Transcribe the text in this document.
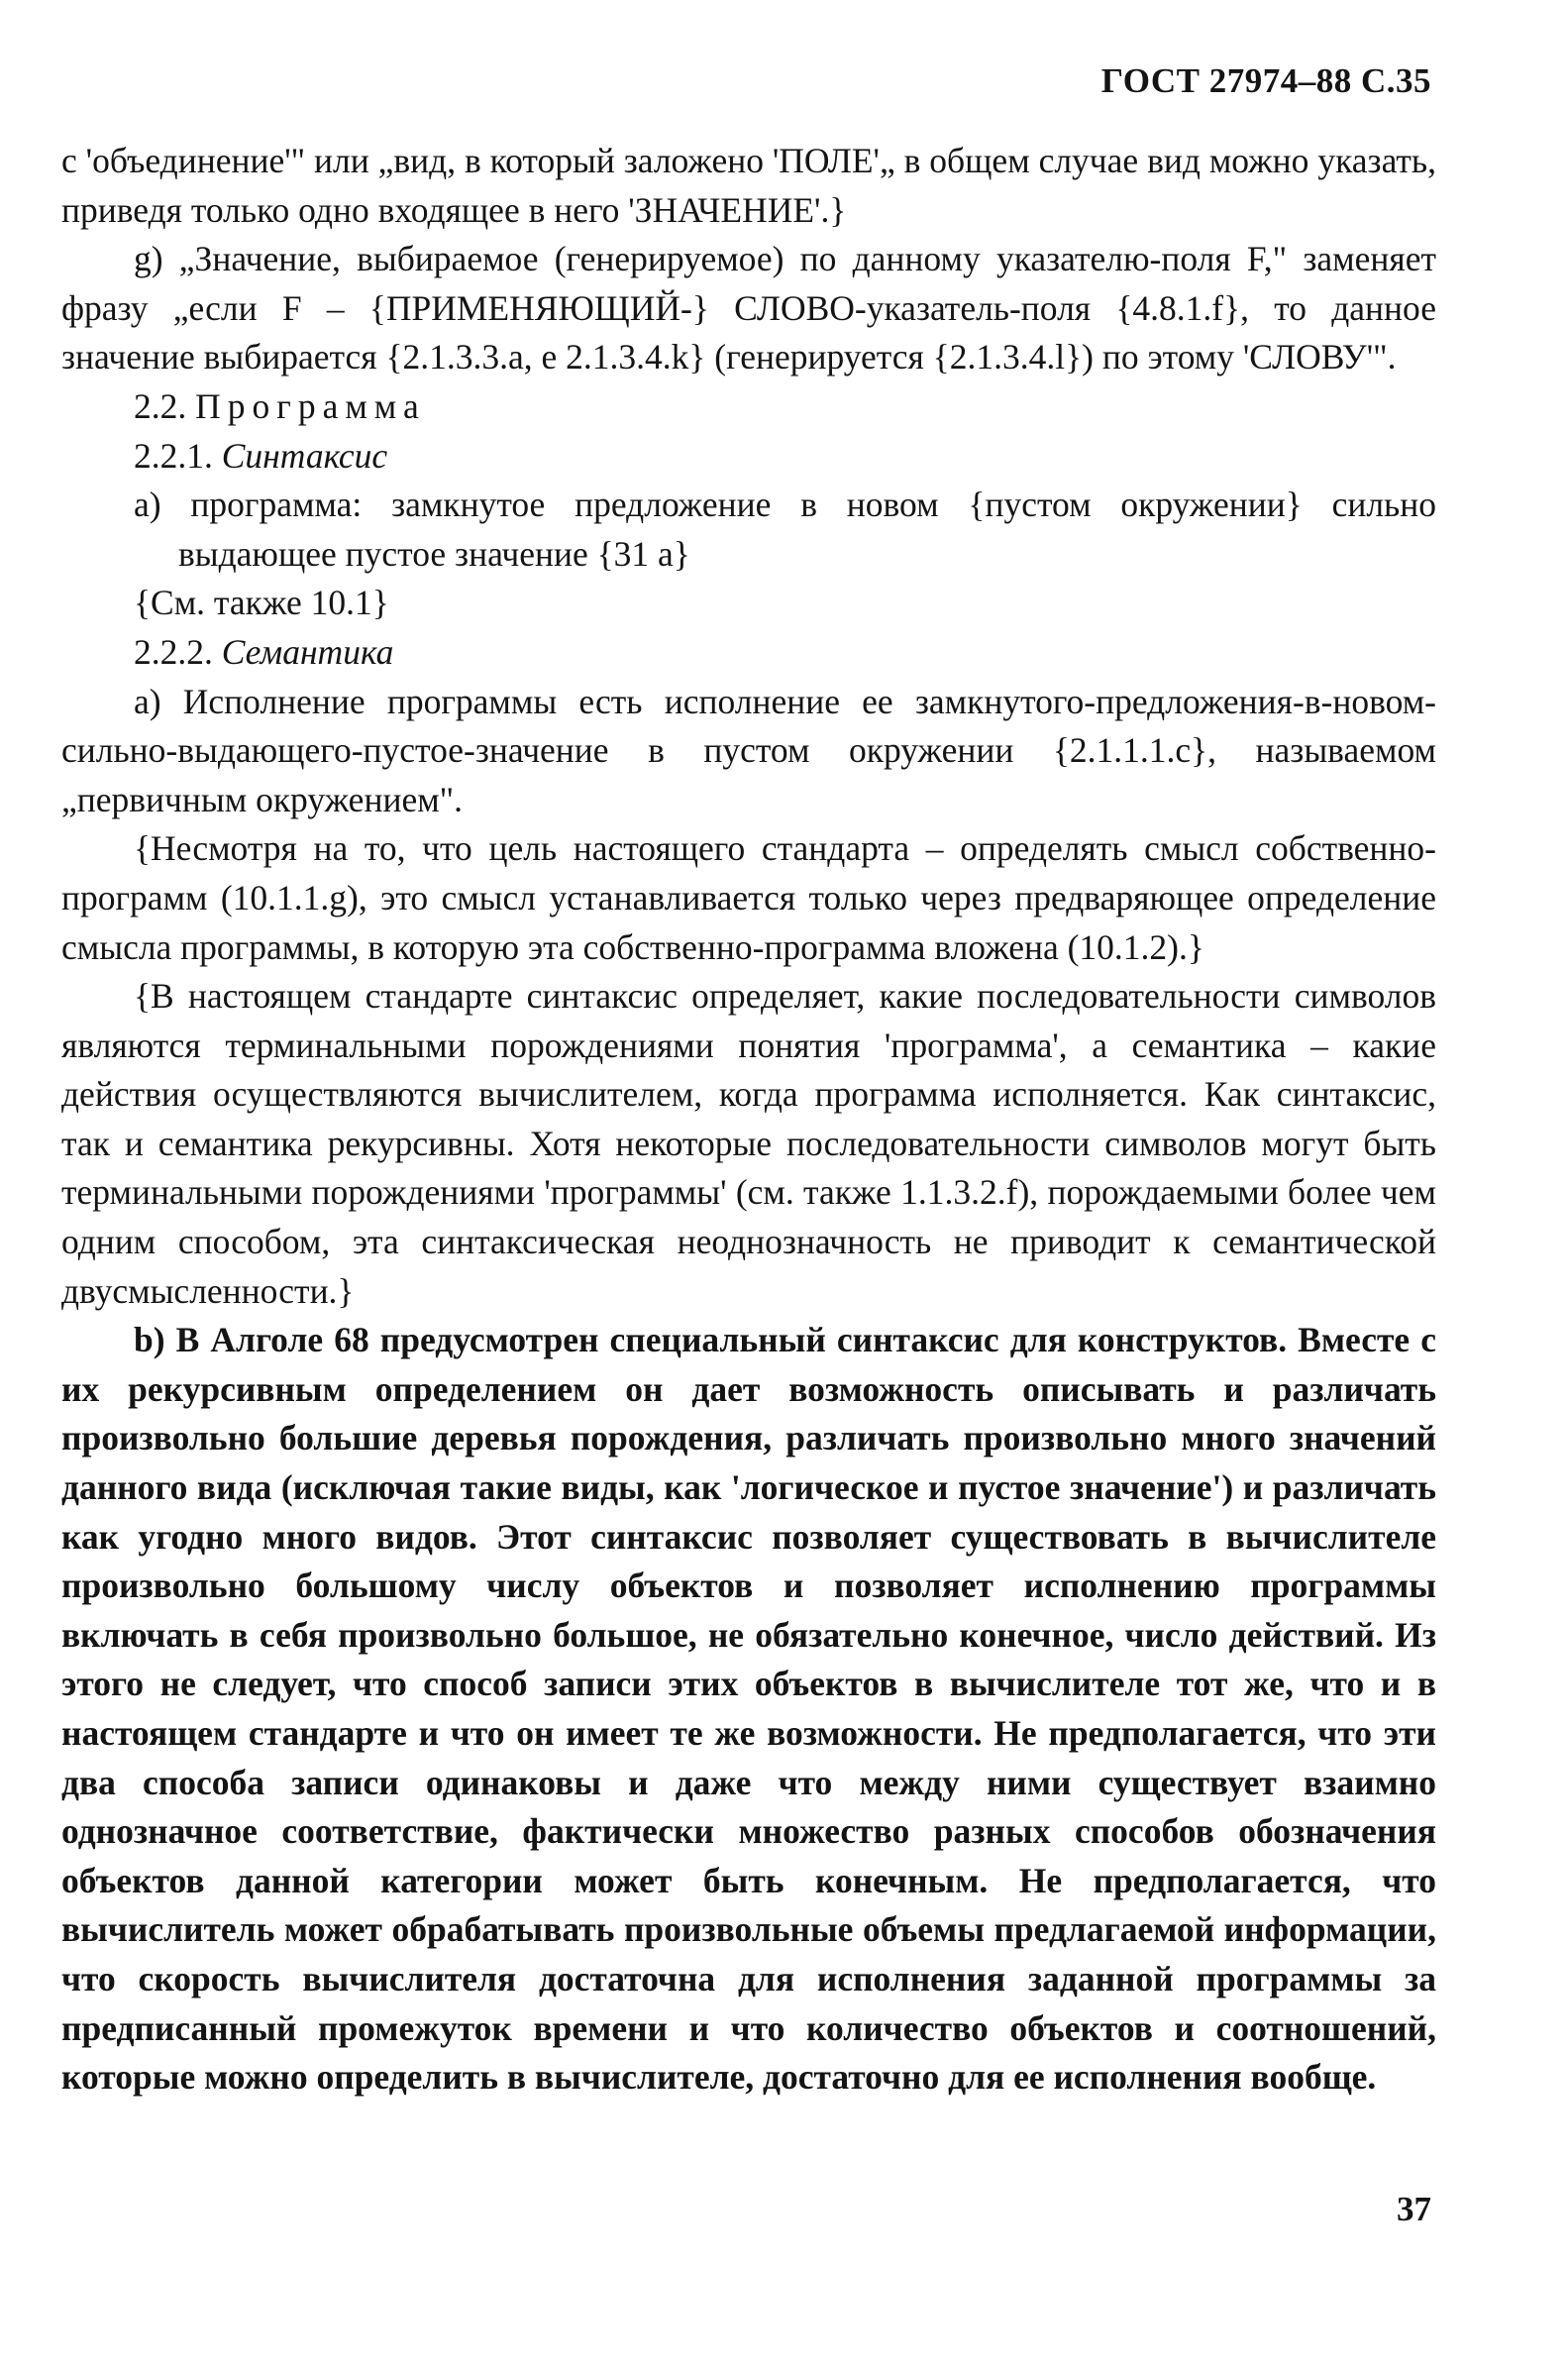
ГОСТ 27974–88 С.35

с 'объединение'" или „вид, в который заложено 'ПОЛЕ'„ в общем случае вид можно указать, приведя только одно входящее в него 'ЗНАЧЕНИЕ'.}

g) „Значение, выбираемое (генерируемое) по данному указателю-поля F," заменяет фразу „если F – {ПРИМЕНЯЮЩИЙ-} СЛОВО-указатель-поля {4.8.1.f}, то данное значение выбирается {2.1.3.3.a, e 2.1.3.4.k} (генерируется {2.1.3.4.l}) по этому 'СЛОВУ'".

2.2. Программа

2.2.1. Синтаксис

a) программа: замкнутое предложение в новом {пустом окружении} сильно выдающее пустое значение {31 a}

{См. также 10.1}

2.2.2. Семантика

a) Исполнение программы есть исполнение ее замкнутого-предложения-в-новом-сильно-выдающего-пустое-значение в пустом окружении {2.1.1.1.c}, называемом „первичным окружением".

{Несмотря на то, что цель настоящего стандарта – определять смысл собственно-программ (10.1.1.g), это смысл устанавливается только через предваряющее определение смысла программы, в которую эта собственно-программа вложена (10.1.2).}

{В настоящем стандарте синтаксис определяет, какие последовательности символов являются терминальными порождениями понятия 'программа', а семантика – какие действия осуществляются вычислителем, когда программа исполняется. Как синтаксис, так и семантика рекурсивны. Хотя некоторые последовательности символов могут быть терминальными порождениями 'программы' (см. также 1.1.3.2.f), порождаемыми более чем одним способом, эта синтаксическая неоднозначность не приводит к семантической двусмысленности.}

b) В Алголе 68 предусмотрен специальный синтаксис для конструктов. Вместе с их рекурсивным определением он дает возможность описывать и различать произвольно большие деревья порождения, различать произвольно много значений данного вида (исключая такие виды, как 'логическое и пустое значение') и различать как угодно много видов. Этот синтаксис позволяет существовать в вычислителе произвольно большому числу объектов и позволяет исполнению программы включать в себя произвольно большое, не обязательно конечное, число действий. Из этого не следует, что способ записи этих объектов в вычислителе тот же, что и в настоящем стандарте и что он имеет те же возможности. Не предполагается, что эти два способа записи одинаковы и даже что между ними существует взаимно однозначное соответствие, фактически множество разных способов обозначения объектов данной категории может быть конечным. Не предполагается, что вычислитель может обрабатывать произвольные объемы предлагаемой информации, что скорость вычислителя достаточна для исполнения заданной программы за предписанный промежуток времени и что количество объектов и соотношений, которые можно определить в вычислителе, достаточно для ее исполнения вообще.

37
